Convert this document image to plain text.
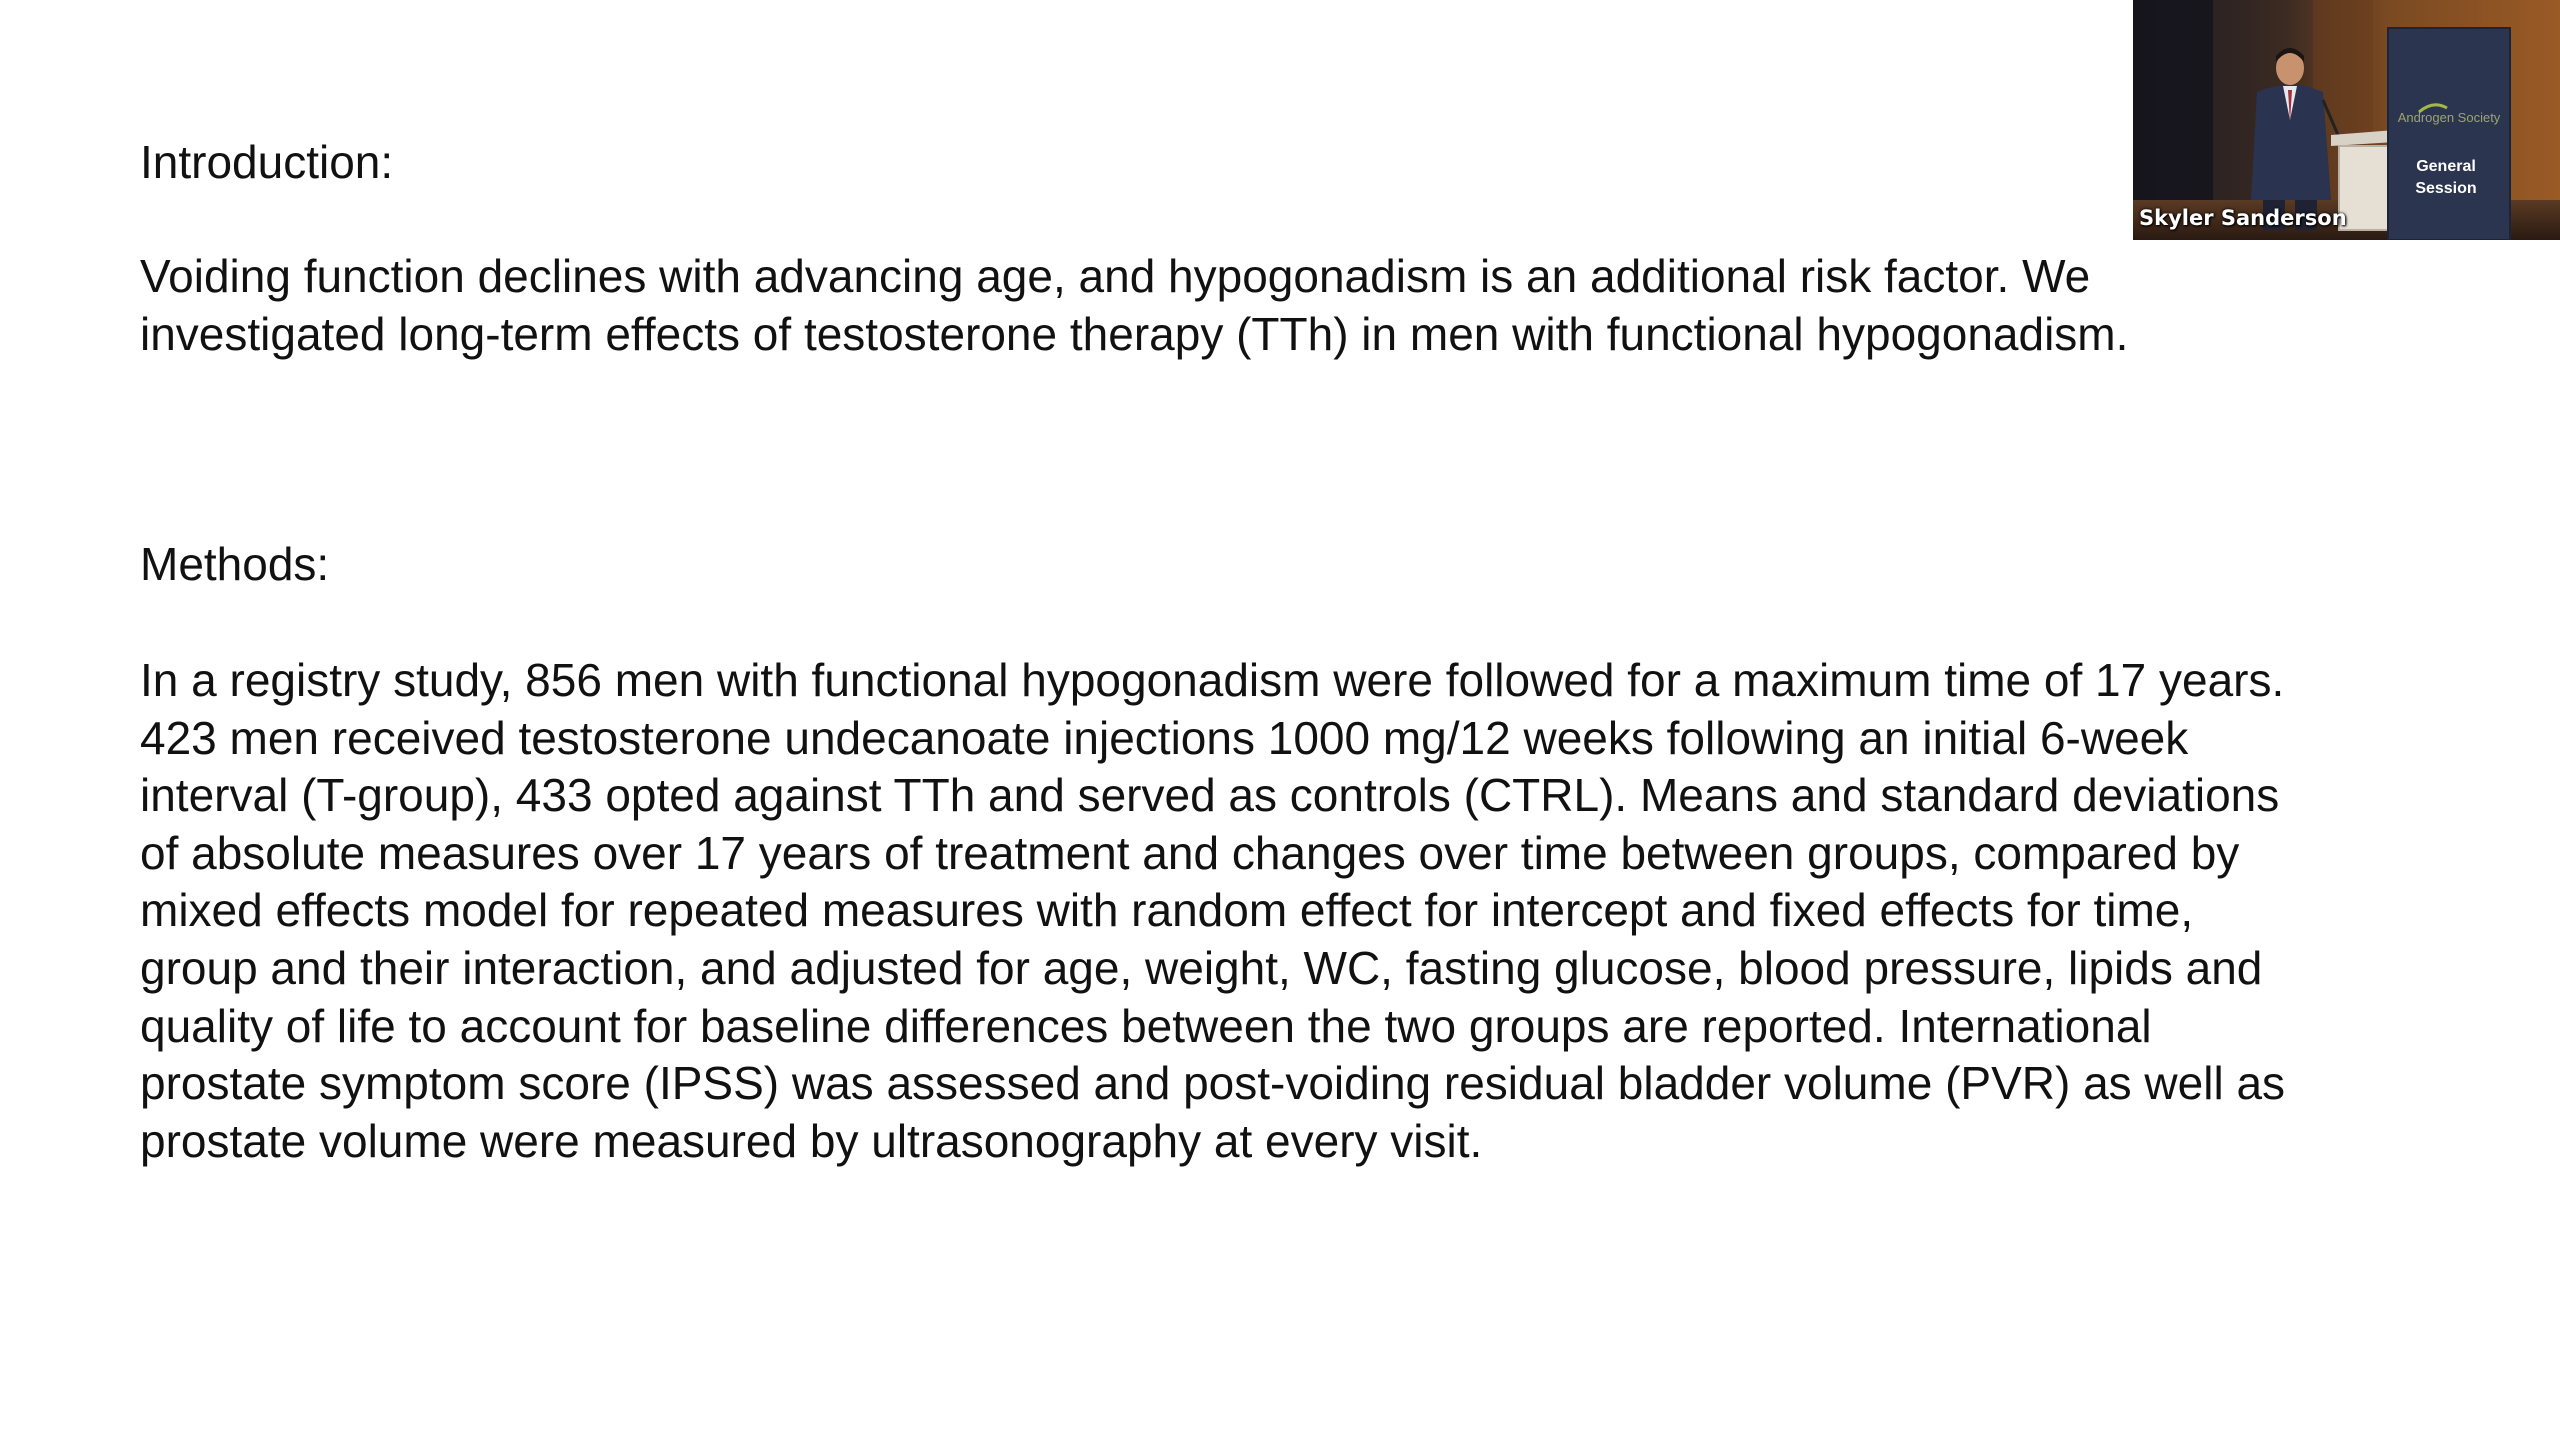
Introduction:
Voiding function declines with advancing age, and hypogonadism is an additional risk factor. We
investigated long-term effects of testosterone therapy (TTh) in men with functional hypogonadism.
Methods:
In a registry study, 856 men with functional hypogonadism were followed for a maximum time of 17 years.
423 men received testosterone undecanoate injections 1000 mg/12 weeks following an initial 6-week
interval (T-group), 433 opted against TTh and served as controls (CTRL). Means and standard deviations
of absolute measures over 17 years of treatment and changes over time between groups, compared by
mixed effects model for repeated measures with random effect for intercept and fixed effects for time,
group and their interaction, and adjusted for age, weight, WC, fasting glucose, blood pressure, lipids and
quality of life to account for baseline differences between the two groups are reported. International
prostate symptom score (IPSS) was assessed and post-voiding residual bladder volume (PVR) as well as
prostate volume were measured by ultrasonography at every visit.
Androgen Society
General
Session
Skyler Sanderson
